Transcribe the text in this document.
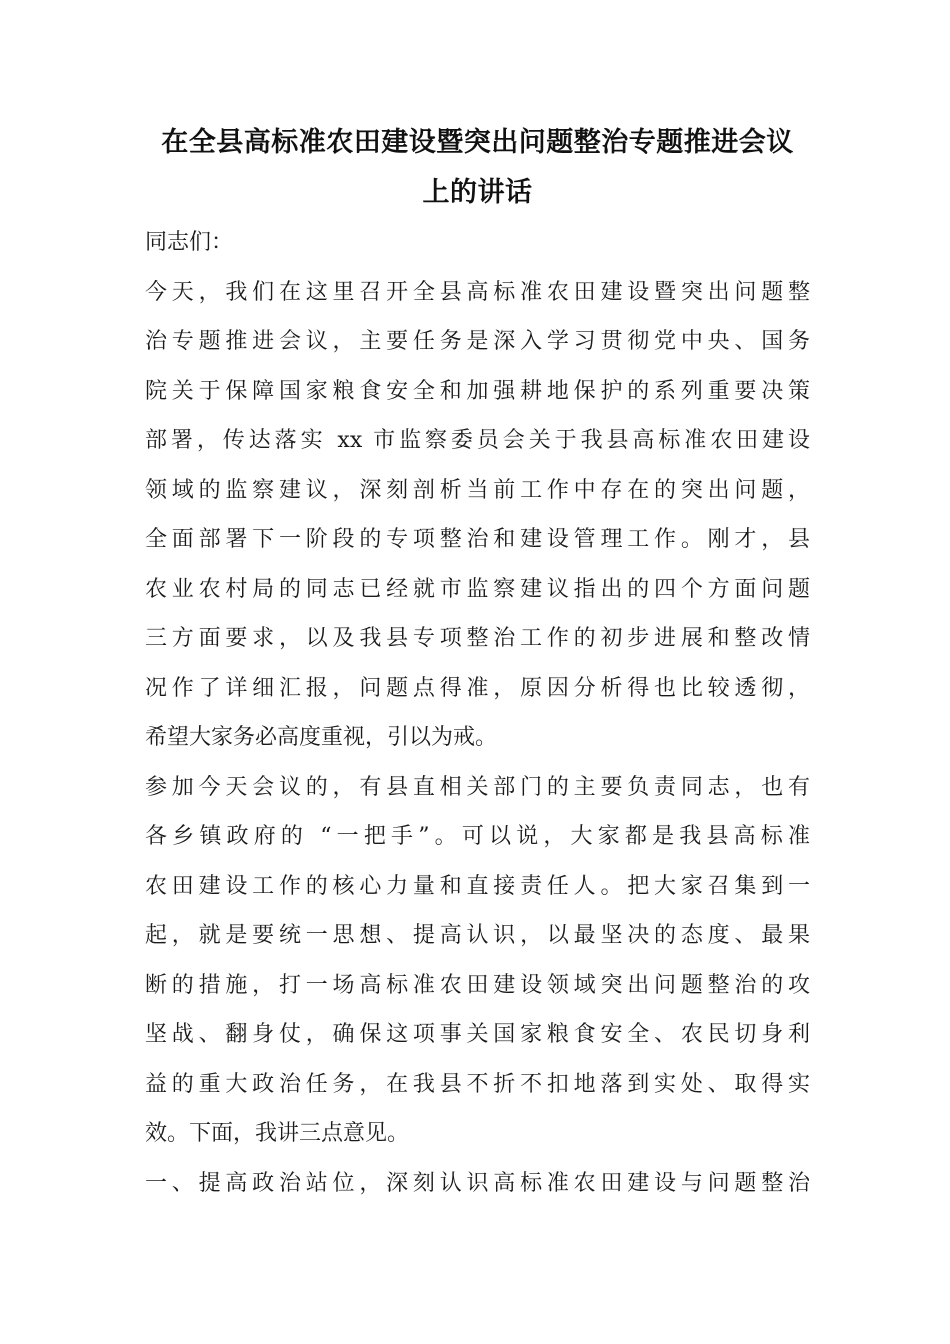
在全县高标准农田建设暨突出问题整治专题推进会议
上的讲话
同志们：
今天，我们在这里召开全县高标准农田建设暨突出问题整
治专题推进会议，主要任务是深入学习贯彻党中央、国务
院关于保障国家粮食安全和加强耕地保护的系列重要决策
部署，传达落实 xx 市监察委员会关于我县高标准农田建设
领域的监察建议，深刻剖析当前工作中存在的突出问题，
全面部署下一阶段的专项整治和建设管理工作。刚才，县
农业农村局的同志已经就市监察建议指出的四个方面问题
三方面要求，以及我县专项整治工作的初步进展和整改情
况作了详细汇报，问题点得准，原因分析得也比较透彻，
希望大家务必高度重视，引以为戒。
参加今天会议的，有县直相关部门的主要负责同志，也有
各乡镇政府的 “一把手”。可以说，大家都是我县高标准
农田建设工作的核心力量和直接责任人。把大家召集到一
起，就是要统一思想、提高认识，以最坚决的态度、最果
断的措施，打一场高标准农田建设领域突出问题整治的攻
坚战、翻身仗，确保这项事关国家粮食安全、农民切身利
益的重大政治任务，在我县不折不扣地落到实处、取得实
效。下面，我讲三点意见。
一、提高政治站位，深刻认识高标准农田建设与问题整治
